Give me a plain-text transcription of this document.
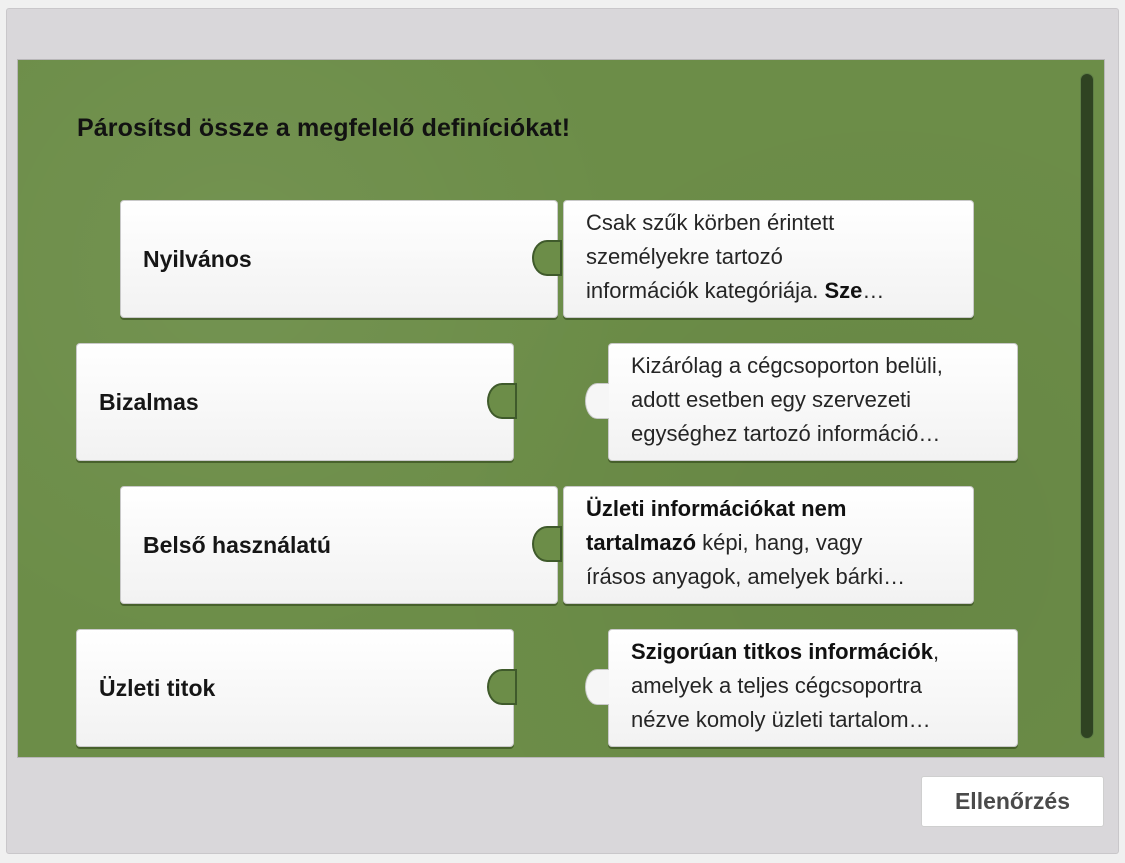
Párosítsd össze a megfelelő definíciókat!
Nyilvános
Csak szűk körben érintett
személyekre tartozó
információk kategóriája. Sze…
Bizalmas
Kizárólag a cégcsoporton belüli,
adott esetben egy szervezeti
egységhez tartozó információ…
Belső használatú
Üzleti információkat nem
tartalmazó képi, hang, vagy
írásos anyagok, amelyek bárki…
Üzleti titok
Szigorúan titkos információk,
amelyek a teljes cégcsoportra
nézve komoly üzleti tartalom…
Ellenőrzés
